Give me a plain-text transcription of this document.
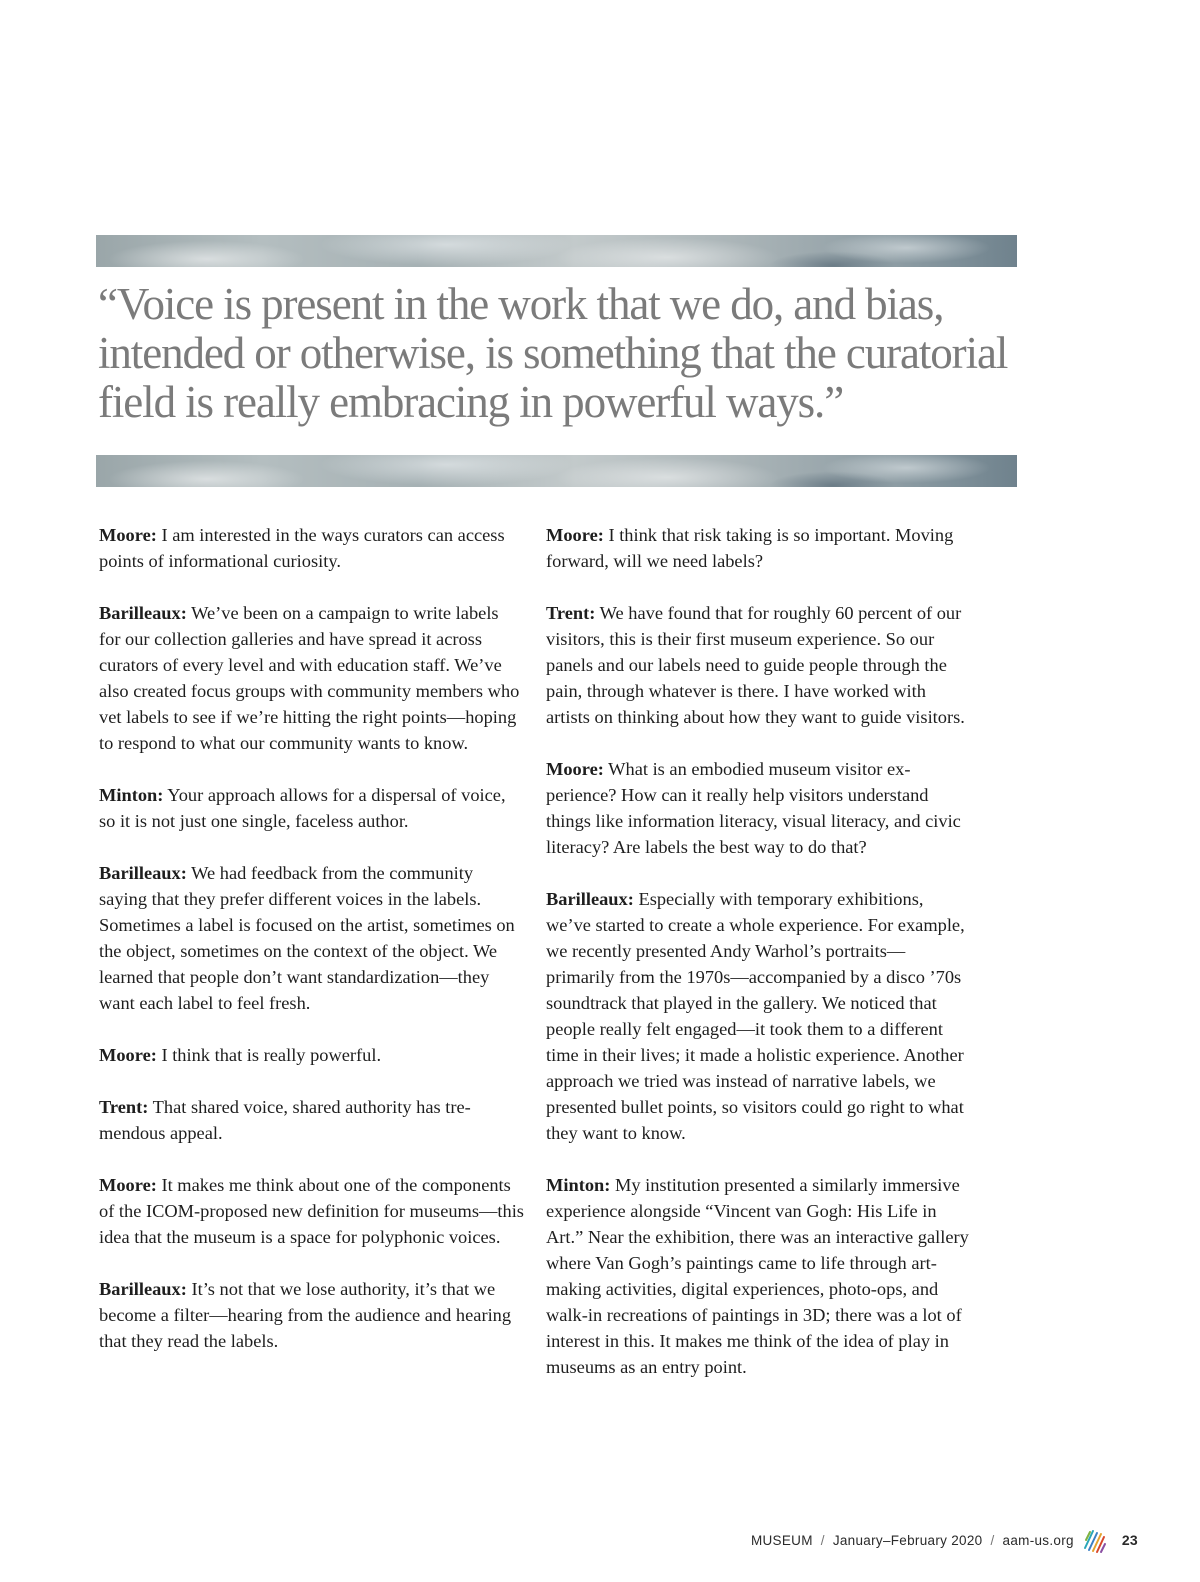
“Voice is present in the work that we do, and bias, intended or otherwise, is something that the curatorial field is really embracing in powerful ways.”

Moore: I am interested in the ways curators can access points of informational curiosity.

Barilleaux: We’ve been on a campaign to write labels for our collection galleries and have spread it across curators of every level and with education staff. We’ve also created focus groups with community members who vet labels to see if we’re hitting the right points—hoping to respond to what our community wants to know.

Minton: Your approach allows for a dispersal of voice, so it is not just one single, faceless author.

Barilleaux: We had feedback from the community saying that they prefer different voices in the labels. Sometimes a label is focused on the artist, sometimes on the object, sometimes on the context of the object. We learned that people don’t want standardization—they want each label to feel fresh.

Moore: I think that is really powerful.

Trent: That shared voice, shared authority has tremendous appeal.

Moore: It makes me think about one of the components of the ICOM-proposed new definition for museums—this idea that the museum is a space for polyphonic voices.

Barilleaux: It’s not that we lose authority, it’s that we become a filter—hearing from the audience and hearing that they read the labels.

Moore: I think that risk taking is so important. Moving forward, will we need labels?

Trent: We have found that for roughly 60 percent of our visitors, this is their first museum experience. So our panels and our labels need to guide people through the pain, through whatever is there. I have worked with artists on thinking about how they want to guide visitors.

Moore: What is an embodied museum visitor experience? How can it really help visitors understand things like information literacy, visual literacy, and civic literacy? Are labels the best way to do that?

Barilleaux: Especially with temporary exhibitions, we’ve started to create a whole experience. For example, we recently presented Andy Warhol’s portraits—primarily from the 1970s—accompanied by a disco ’70s soundtrack that played in the gallery. We noticed that people really felt engaged—it took them to a different time in their lives; it made a holistic experience. Another approach we tried was instead of narrative labels, we presented bullet points, so visitors could go right to what they want to know.

Minton: My institution presented a similarly immersive experience alongside “Vincent van Gogh: His Life in Art.” Near the exhibition, there was an interactive gallery where Van Gogh’s paintings came to life through art-making activities, digital experiences, photo-ops, and walk-in recreations of paintings in 3D; there was a lot of interest in this. It makes me think of the idea of play in museums as an entry point.

MUSEUM / January–February 2020 / aam-us.org	23
